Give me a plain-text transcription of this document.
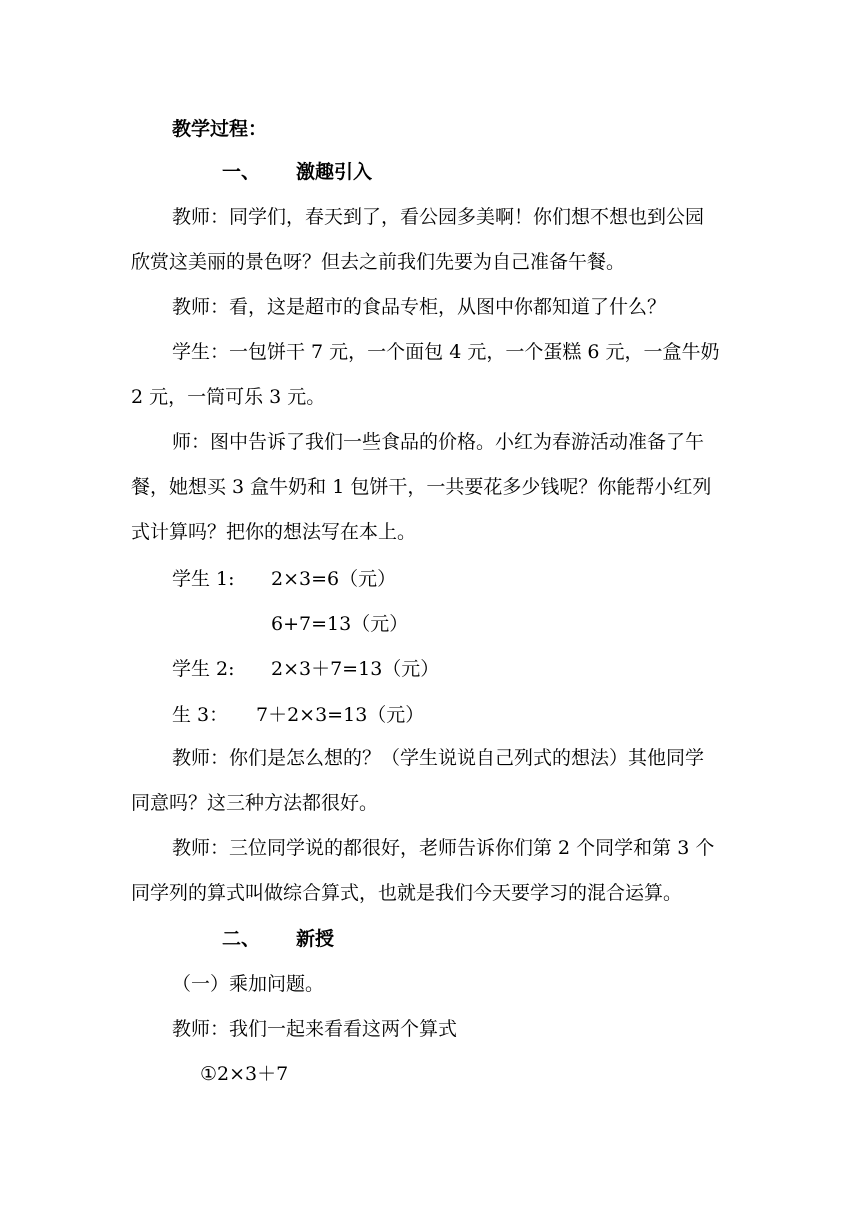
教学过程：
一、 激趣引入
教师：同学们，春天到了，看公园多美啊！你们想不想也到公园
欣赏这美丽的景色呀？但去之前我们先要为自己准备午餐。
教师：看，这是超市的食品专柜，从图中你都知道了什么？
学生：一包饼干 7 元，一个面包 4 元，一个蛋糕 6 元，一盒牛奶
2 元，一筒可乐 3 元。
师：图中告诉了我们一些食品的价格。小红为春游活动准备了午
餐，她想买 3 盒牛奶和 1 包饼干，一共要花多少钱呢？你能帮小红列
式计算吗？把你的想法写在本上。
学生 1: 2×3=6（元）
6+7=13（元）
学生 2: 2×3＋7=13（元）
生 3： 7＋2×3=13（元）
教师：你们是怎么想的？（学生说说自己列式的想法）其他同学
同意吗？这三种方法都很好。
教师：三位同学说的都很好，老师告诉你们第 2 个同学和第 3 个
同学列的算式叫做综合算式，也就是我们今天要学习的混合运算。
二、 新授
（一）乘加问题。
教师：我们一起来看看这两个算式
①2×3＋7
